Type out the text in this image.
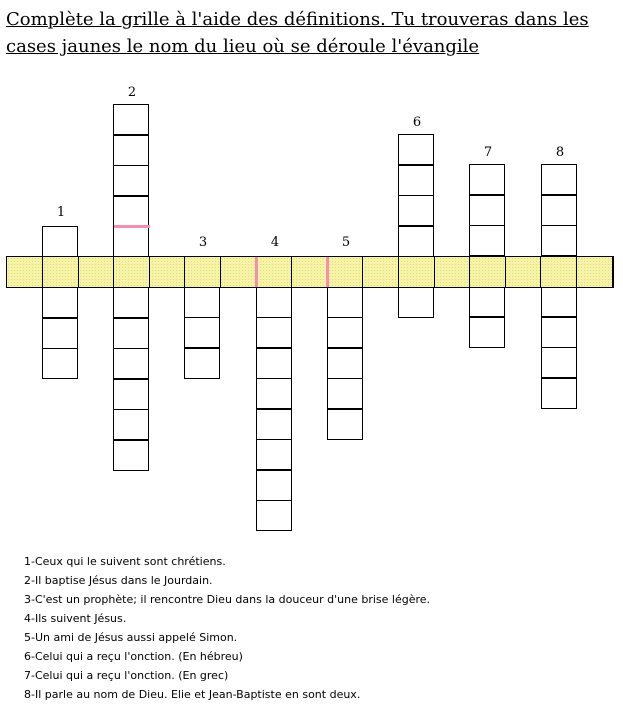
Complète la grille à l'aide des définitions. Tu trouveras dans les
cases jaunes le nom du lieu où se déroule l'évangile
1
2
3	4	5
6
7	8
1-Ceux qui le suivent sont chrétiens.
2-Il baptise Jésus dans le Jourdain.
3-C'est un prophète; il rencontre Dieu dans la douceur d'une brise légère.
4-Ils suivent Jésus.
5-Un ami de Jésus aussi appelé Simon.
6-Celui qui a reçu l'onction. (En hébreu)
7-Celui qui a reçu l'onction. (En grec)
8-Il parle au nom de Dieu. Elie et Jean-Baptiste en sont deux.
